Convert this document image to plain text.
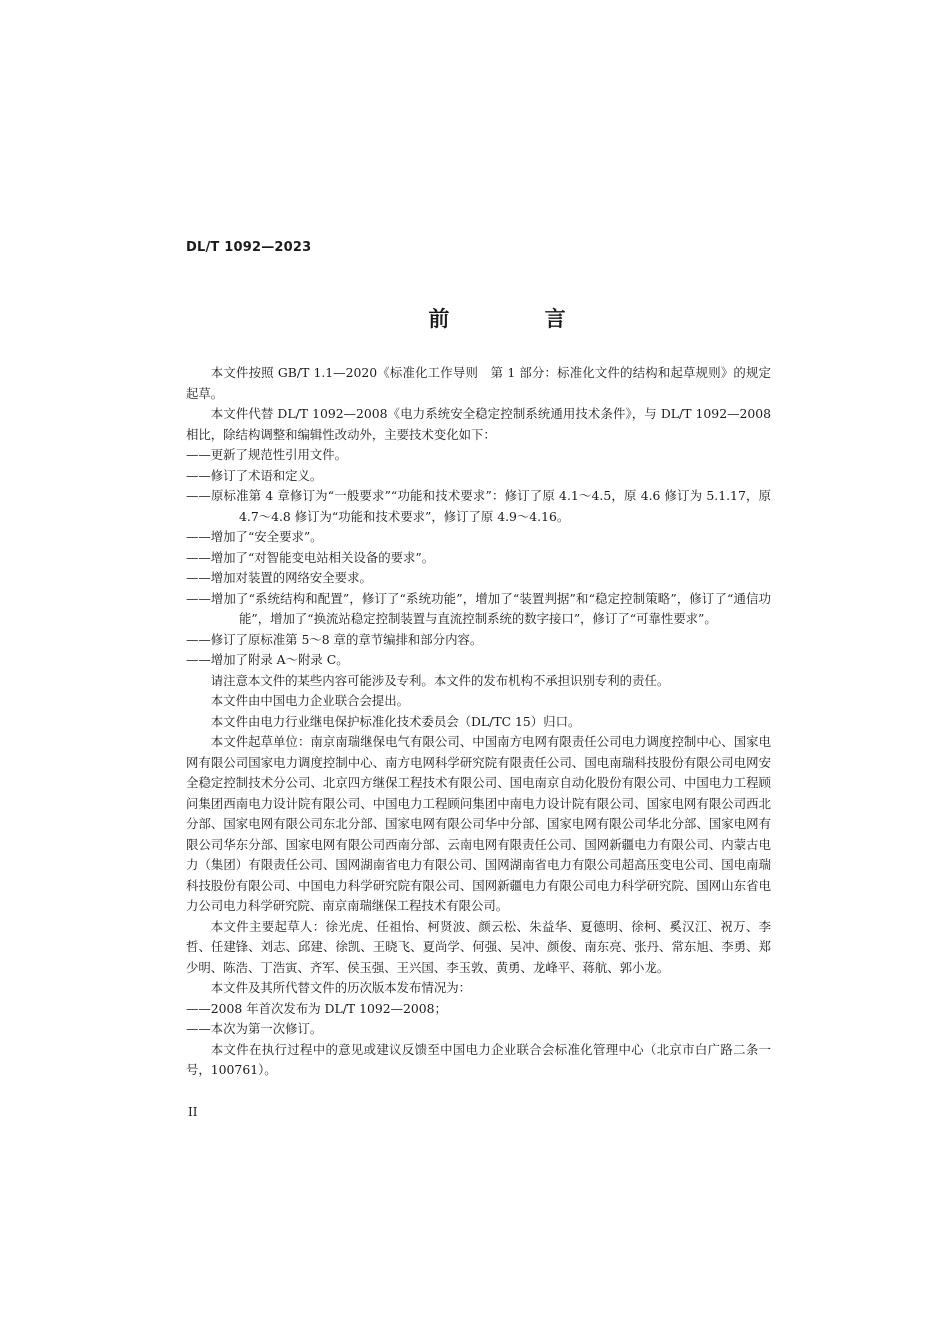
DL/T 1092—2023
前 言

本文件按照 GB/T 1.1—2020《标准化工作导则　第 1 部分：标准化文件的结构和起草规则》的规定起草。

本文件代替 DL/T 1092—2008《电力系统安全稳定控制系统通用技术条件》，与 DL/T 1092—2008 相比，除结构调整和编辑性改动外，主要技术变化如下：

——更新了规范性引用文件。

——修订了术语和定义。

——原标准第 4 章修订为“一般要求”“功能和技术要求”：修订了原 4.1～4.5，原 4.6 修订为 5.1.17，原 4.7～4.8 修订为“功能和技术要求”，修订了原 4.9～4.16。

——增加了“安全要求”。

——增加了“对智能变电站相关设备的要求”。

——增加对装置的网络安全要求。

——增加了“系统结构和配置”，修订了“系统功能”，增加了“装置判据”和“稳定控制策略”，修订了“通信功能”，增加了“换流站稳定控制装置与直流控制系统的数字接口”，修订了“可靠性要求”。

——修订了原标准第 5～8 章的章节编排和部分内容。

——增加了附录 A～附录 C。

请注意本文件的某些内容可能涉及专利。本文件的发布机构不承担识别专利的责任。

本文件由中国电力企业联合会提出。

本文件由电力行业继电保护标准化技术委员会（DL/TC 15）归口。

本文件起草单位：南京南瑞继保电气有限公司、中国南方电网有限责任公司电力调度控制中心、国家电网有限公司国家电力调度控制中心、南方电网科学研究院有限责任公司、国电南瑞科技股份有限公司电网安全稳定控制技术分公司、北京四方继保工程技术有限公司、国电南京自动化股份有限公司、中国电力工程顾问集团西南电力设计院有限公司、中国电力工程顾问集团中南电力设计院有限公司、国家电网有限公司西北分部、国家电网有限公司东北分部、国家电网有限公司华中分部、国家电网有限公司华北分部、国家电网有限公司华东分部、国家电网有限公司西南分部、云南电网有限责任公司、国网新疆电力有限公司、内蒙古电力（集团）有限责任公司、国网湖南省电力有限公司、国网湖南省电力有限公司超高压变电公司、国电南瑞科技股份有限公司、中国电力科学研究院有限公司、国网新疆电力有限公司电力科学研究院、国网山东省电力公司电力科学研究院、南京南瑞继保工程技术有限公司。

本文件主要起草人：徐光虎、任祖怡、柯贤波、颜云松、朱益华、夏德明、徐柯、奚汉江、祝万、李哲、任建锋、刘志、邱建、徐凯、王晓飞、夏尚学、何强、吴冲、颜俊、南东亮、张丹、常东旭、李勇、郑少明、陈浩、丁浩寅、齐军、侯玉强、王兴国、李玉敦、黄勇、龙峰平、蒋航、郭小龙。

本文件及其所代替文件的历次版本发布情况为：

——2008 年首次发布为 DL/T 1092—2008；

——本次为第一次修订。

本文件在执行过程中的意见或建议反馈至中国电力企业联合会标准化管理中心（北京市白广路二条一号，100761）。

II
